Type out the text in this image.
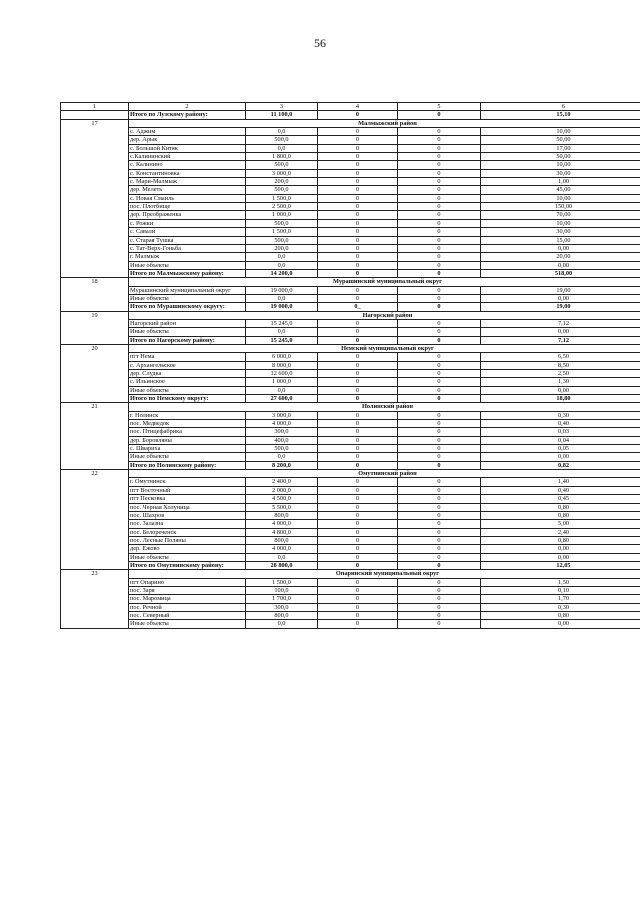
56
1	2	3	4	5	6
	Итого по Лузскому району:	11 100,0	0	0	15,10
17	Малмыжский район				
	с. Аджим	0,0	0	0	10,00
	дер. Арык	500,0	0	0	50,00
	с. Большой Китяк	0,0	0	0	17,00
	с.Калининский	1 800,0	0	0	50,00
	с. Калинино	500,0	0	0	10,00
	с. Константиновка	3 000,0	0	0	30,00
	с. Мари-Малмыж	200,0	0	0	1,00
	дер. Мелеть	500,0	0	0	45,00
	с. Новая Смаиль	1 500,0	0	0	10,00
	пос. Плотбище	2 500,0	0	0	150,00
	дер. Преображенка	1 000,0	0	0	70,00
	с. Рожки	500,0	0	0	10,00
	с. Савали	1 500,0	0	0	30,00
	с. Старая Тушка	500,0	0	0	15,00
	с. Тат-Верх-Гоньба	200,0	0	0	0,00
	г. Малмыж	0,0	0	0	20,00
	Иные объекты	0,0	0	0	0,00
	Итого по Малмыжскому району:	14 200,0	0	0	518,00
18	Мурашинский муниципальный округ				
	Мурашинский муниципальный округ	19 000,0	0	0	19,00
	Иные объекты	0,0	0	0	0,00
	Итого по Мурашинскому округу:	19 000,0	0_	0	19,00
19	Нагорский район				
	Нагорский район	15 245,0	0	0	7,12
	Иные объекты	0,0	0	0	0,00
	Итого по Нагорскому району:	15 245,0	0	0	7,12
20	Немский муниципальный округ				
	пгт Нема	6 000,0	0	0	6,50
	с. Архангельское	8 000,0	0	0	8,50
	дер. Слудка	12 600,0	0	0	2,50
	с. Ильинское	1 000,0	0	0	1,30
	Иные объекты	0,0	0	0	0,00
	Итого по Немскому округу:	27 600,0	0	0	18,80
21	Нолинский район				
	г. Нолинск	3 000,0	0	0	0,30
	пос. Медведок	4 000,0	0	0	0,40
	пос. Птицефабрика	300,0	0	0	0,03
	дер. Боровляны	400,0	0	0	0,04
	с. Шварихa	500,0	0	0	0,05
	Иные объекты	0,0	0	0	0,00
	Итого по Нолинскому району:	8 200,0	0	0	0,82
22	Омутнинский район				
	г. Омутнинск	2 400,0	0	0	1,40
	пгт Восточный	2 000,0	0	0	0,40
	пгт Песковка	4 500,0	0	0	0,45
	пос. Черная Холуница	5 500,0	0	0	0,80
	пос. Шахров	800,0	0	0	0,80
	пос. Залазна	4 000,0	0	0	5,00
	пос. Белореченск	4 800,0	0	0	2,40
	пос. Лесные Поляны	800,0	0	0	0,80
	дер. Ежово	4 000,0	0	0	0,00
	Иные объекты	0,0	0	0	0,00
	Итого по Омутнинскому району:	28 800,0	0	0	12,05
23	Опаринский муниципальный округ				
	пгт Опарино	1 500,0	0	0	1,50
	пос. Заря	100,0	0	0	0,10
	пос. Маромица	1 700,0	0	0	1,70
	пос. Речной	300,0	0	0	0,30
	пос. Северный	800,0	0	0	0,80
	Иные объекты	0,0	0	0	0,00
